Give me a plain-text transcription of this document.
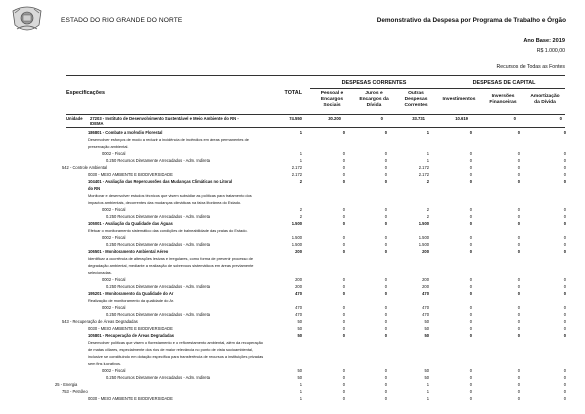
ESTADO DO RIO GRANDE DO NORTE	Demonstrativo da Despesa por Programa de Trabalho e Órgão
Ano Base: 2019
R$ 1.000,00
Recursos de Todas as Fontes
DESPESAS CORRENTES	DESPESAS DE CAPITAL
Especificações	TOTAL	Pessoal e
Encargos
Sociais
Juros e
Encargos da
Dívida
Outras
Despesas
Correntes
Investimentos
Inversões
Financeiras
Amortização
da Dívida
Unidade 27203 - Instituto de Desenvolvimento Sustentável e Meio Ambiente do RN -
IDEMA
74.550	30.200	0	33.731	10.619	0	0
186801 - Combate a Incêndio Florestal	1	0	0	1	0	0	0
Desenvolver esforços de modo a reduzir a incidência de incêndios em áreas permanentes de
preservação ambiental.
0002 - Fiscal	1	0	0	1	0	0	0
0.250 Recursos Diretamente Arrecadados - Adm. Indireta	1	0	0	1	0	0	0
542 - Controle Ambiental	2.172	0	0	2.172	0	0	0
0030 - MEIO AMBIENTE E BIODIVERSIDADE	2.172	0	0	2.172	0	0	0
104401 - Avaliação das Repercussões das Mudanças Climáticas no Litoral	2	0	0	2	0	0	0
do RN
Monitorar e desenvolver estudos técnicos que visem subsidiar as políticas para tratamento dos
impactos ambientais, decorrentes das mudanças climáticas na faixa litorânea do Estado.
0002 - Fiscal	2	0	0	2	0	0	0
0.250 Recursos Diretamente Arrecadados - Adm. Indireta	2	0	0	2	0	0	0
105001 - Avaliação da Qualidade das Águas	1.500	0	0	1.500	0	0	0
Efetuar o monitoramento sistemático das condições de balneabilidade das praias do Estado.
0002 - Fiscal	1.500	0	0	1.500	0	0	0
0.250 Recursos Diretamente Arrecadados - Adm. Indireta	1.500	0	0	1.500	0	0	0
106501 - Monitoramento Ambiental Aéreo	200	0	0	200	0	0	0
Identificar a ocorrência de alterações lesivas e irregulares, como forma de prevenir processo de
degradação ambiental, mediante a realização de sobrevoos sistemáticos em áreas previamente
selecionadas.
0002 - Fiscal	200	0	0	200	0	0	0
0.250 Recursos Diretamente Arrecadados - Adm. Indireta	200	0	0	200	0	0	0
195201 - Monitoramento da Qualidade do Ar	470	0	0	470	0	0	0
Realização de monitoramento da qualidade do Ar.
0002 - Fiscal	470	0	0	470	0	0	0
0.250 Recursos Diretamente Arrecadados - Adm. Indireta	470	0	0	470	0	0	0
543 - Recuperação de Áreas Degradadas	50	0	0	50	0	0	0
0030 - MEIO AMBIENTE E BIODIVERSIDADE	50	0	0	50	0	0	0
105801 - Recuperação de Áreas Degradadas	50	0	0	50	0	0	0
Desenvolver políticas que visem o florestamento e o reflorestamento ambiental, além da recuperação
de matas ciliares, especialmente dos rios de maior relevância no ponto de vista socioambiental,
inclusive se constituindo em dotação específica para transferência de recursos a instituições privadas
sem fins lucrativos.
0002 - Fiscal	50	0	0	50	0	0	0
0.250 Recursos Diretamente Arrecadados - Adm. Indireta	50	0	0	50	0	0	0
25 - Energia	1	0	0	1	0	0	0
753 - Petróleo	1	0	0	1	0	0	0
0030 - MEIO AMBIENTE E BIODIVERSIDADE	1	0	0	1	0	0	0
